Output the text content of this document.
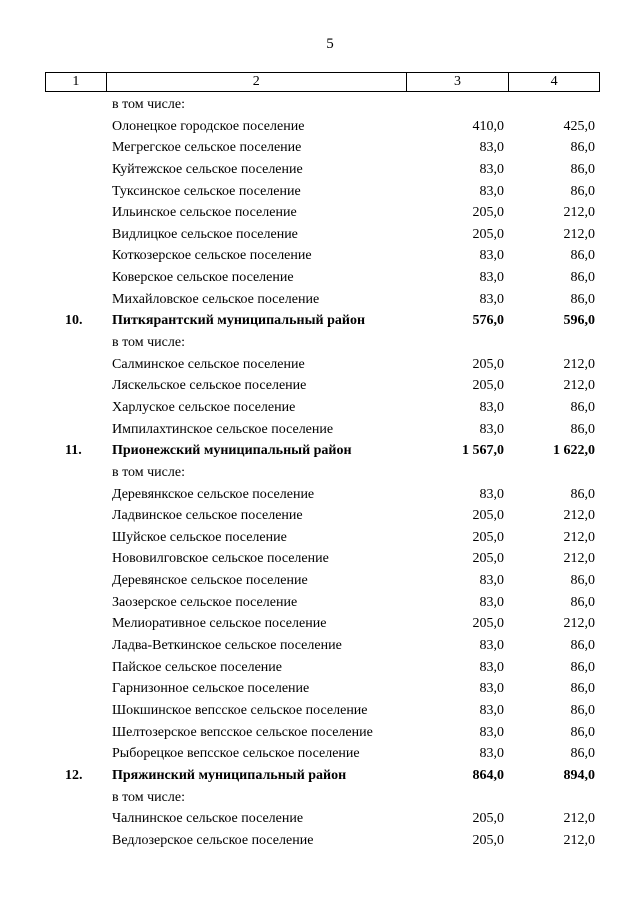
5
1	2	3	4
в том числе:
Олонецкое городское поселение	410,0	425,0
Мегрегское сельское поселение	83,0	86,0
Куйтежское сельское поселение	83,0	86,0
Туксинское сельское поселение	83,0	86,0
Ильинское сельское поселение	205,0	212,0
Видлицкое сельское поселение	205,0	212,0
Коткозерское сельское поселение	83,0	86,0
Коверское сельское поселение	83,0	86,0
Михайловское сельское поселение	83,0	86,0
10. Питкярантский муниципальный район	576,0	596,0
в том числе:
Салминское сельское поселение	205,0	212,0
Ляскельское сельское поселение	205,0	212,0
Харлуское сельское поселение	83,0	86,0
Импилахтинское сельское поселение	83,0	86,0
11. Прионежский муниципальный район	1 567,0	1 622,0
в том числе:
Деревянкское сельское поселение	83,0	86,0
Ладвинское сельское поселение	205,0	212,0
Шуйское сельское поселение	205,0	212,0
Нововилговское сельское поселение	205,0	212,0
Деревянское сельское поселение	83,0	86,0
Заозерское сельское поселение	83,0	86,0
Мелиоративное сельское поселение	205,0	212,0
Ладва-Веткинское сельское поселение	83,0	86,0
Пайское сельское поселение	83,0	86,0
Гарнизонное сельское поселение	83,0	86,0
Шокшинское вепсское сельское поселение	83,0	86,0
Шелтозерское вепсское сельское поселение	83,0	86,0
Рыборецкое вепсское сельское поселение	83,0	86,0
12. Пряжинский муниципальный район	864,0	894,0
в том числе:
Чалнинское сельское поселение	205,0	212,0
Ведлозерское сельское поселение	205,0	212,0
